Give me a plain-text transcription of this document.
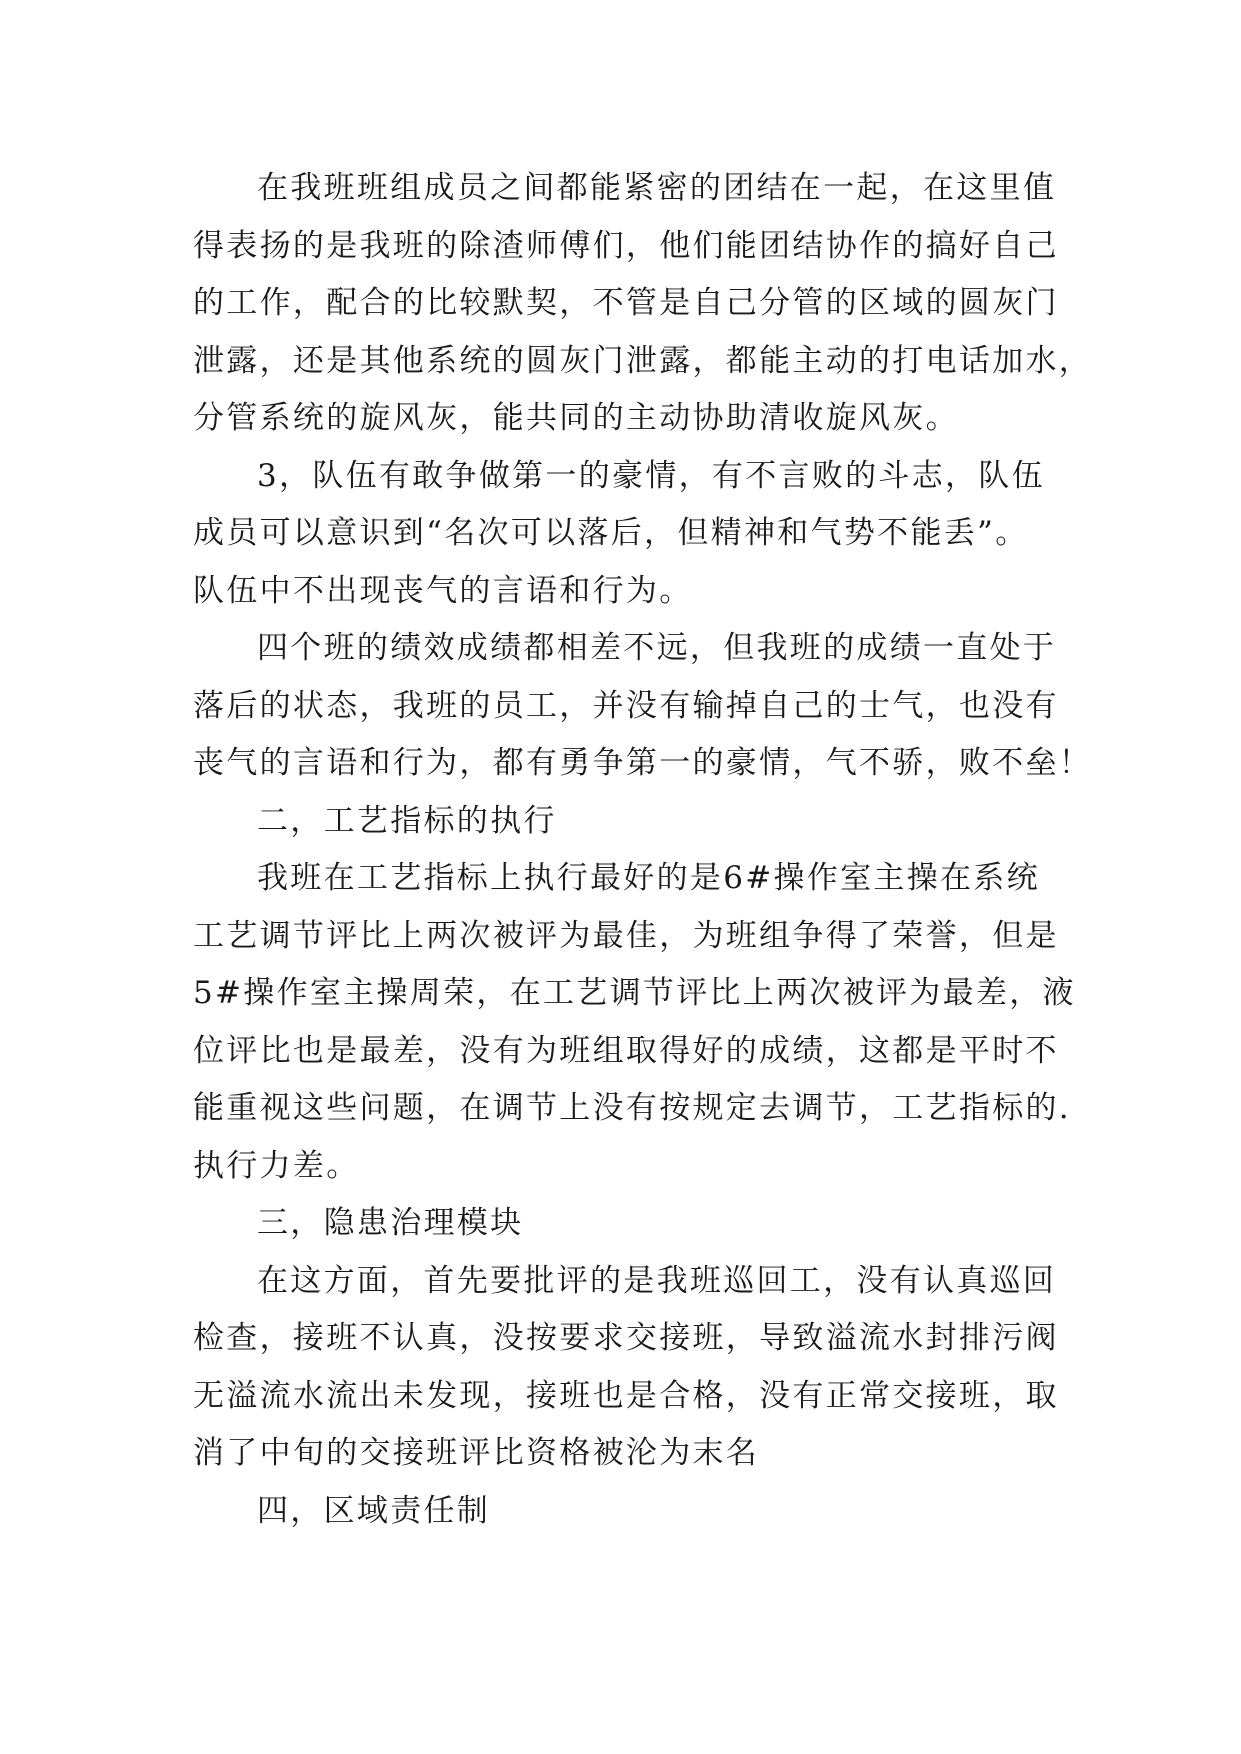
在我班班组成员之间都能紧密的团结在一起，在这里值
得表扬的是我班的除渣师傅们，他们能团结协作的搞好自己
的工作，配合的比较默契，不管是自己分管的区域的圆灰门
泄露，还是其他系统的圆灰门泄露，都能主动的打电话加水，
分管系统的旋风灰，能共同的主动协助清收旋风灰。
3，队伍有敢争做第一的豪情，有不言败的斗志，队伍
成员可以意识到“名次可以落后，但精神和气势不能丢”。
队伍中不出现丧气的言语和行为。
四个班的绩效成绩都相差不远，但我班的成绩一直处于
落后的状态，我班的员工，并没有输掉自己的士气，也没有
丧气的言语和行为，都有勇争第一的豪情，气不骄，败不垒！
二，工艺指标的执行
我班在工艺指标上执行最好的是6#操作室主操在系统
工艺调节评比上两次被评为最佳，为班组争得了荣誉，但是
5#操作室主操周荣，在工艺调节评比上两次被评为最差，液
位评比也是最差，没有为班组取得好的成绩，这都是平时不
能重视这些问题，在调节上没有按规定去调节，工艺指标的.
执行力差。
三，隐患治理模块
在这方面，首先要批评的是我班巡回工，没有认真巡回
检查，接班不认真，没按要求交接班，导致溢流水封排污阀
无溢流水流出未发现，接班也是合格，没有正常交接班，取
消了中旬的交接班评比资格被沦为末名
四，区域责任制
